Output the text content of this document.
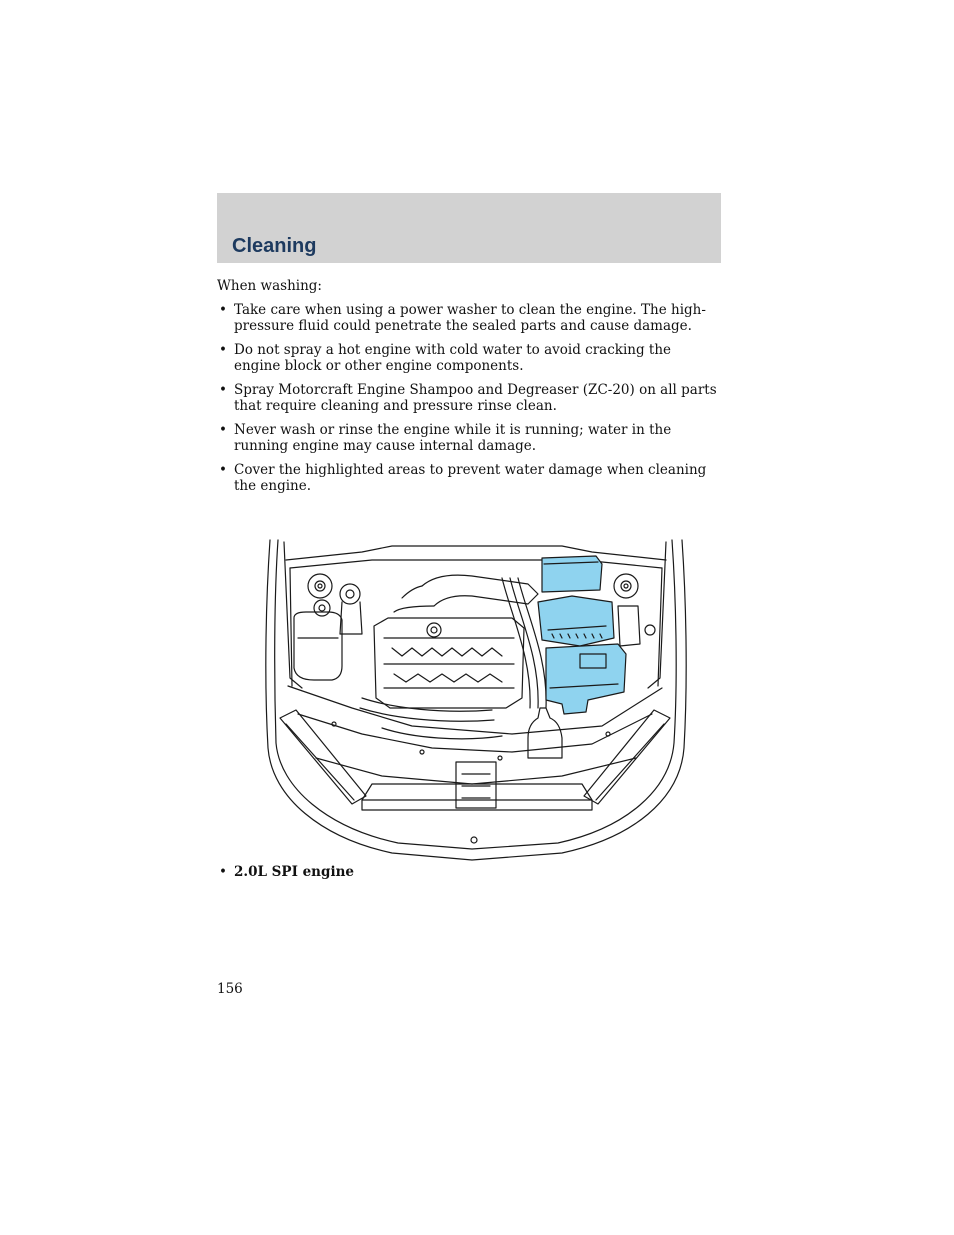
Cleaning

When washing:

• Take care when using a power washer to clean the engine. The high-pressure fluid could penetrate the sealed parts and cause damage.
• Do not spray a hot engine with cold water to avoid cracking the engine block or other engine components.
• Spray Motorcraft Engine Shampoo and Degreaser (ZC-20) on all parts that require cleaning and pressure rinse clean.
• Never wash or rinse the engine while it is running; water in the running engine may cause internal damage.
• Cover the highlighted areas to prevent water damage when cleaning the engine.
• 2.0L SPI engine
156
